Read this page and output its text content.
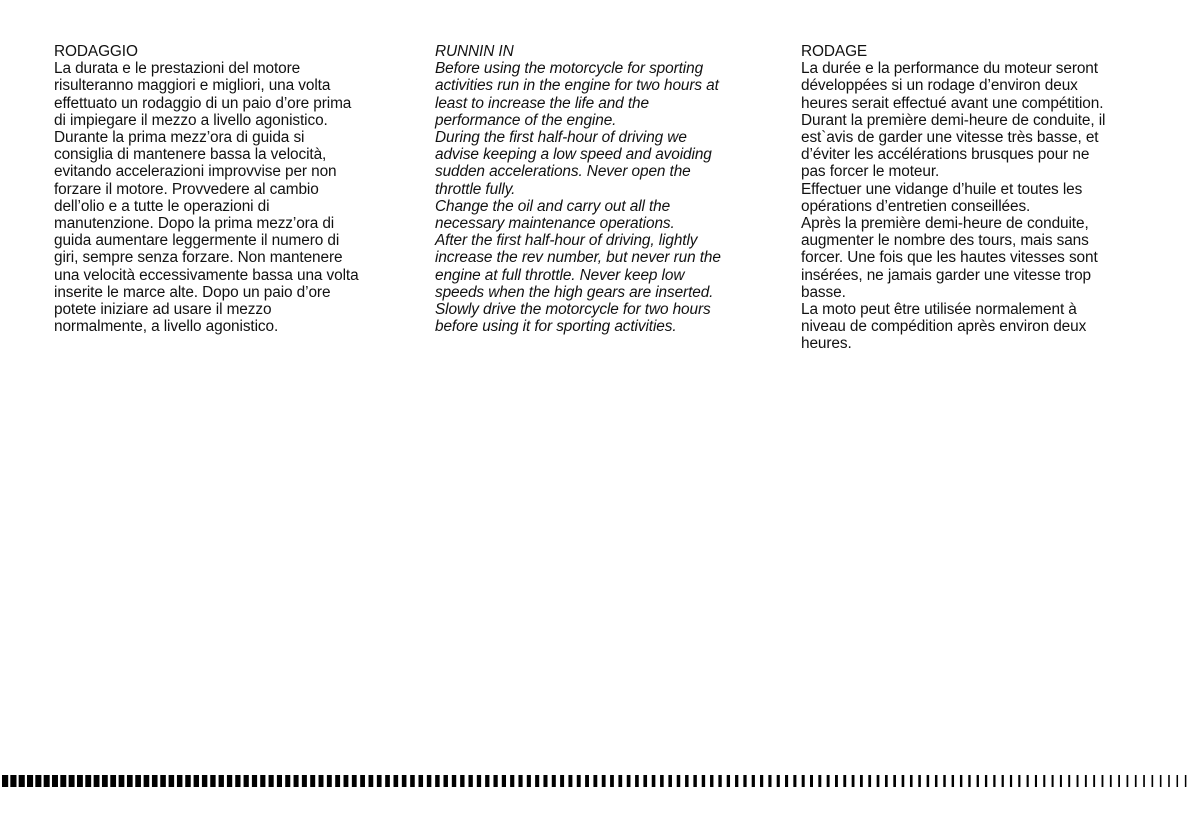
RODAGGIO

La durata e le prestazioni del motore

risulteranno maggiori e migliori, una volta

effettuato un rodaggio di un paio d’ore prima

di impiegare il mezzo a livello agonistico.

Durante la prima mezz’ora di guida si

consiglia di mantenere bassa la velocità,

evitando accelerazioni improvvise per non

forzare il motore. Provvedere al cambio

dell’olio e a tutte le operazioni di

manutenzione. Dopo la prima mezz’ora di

guida aumentare leggermente il numero di

giri, sempre senza forzare. Non mantenere

una velocità eccessivamente bassa una volta

inserite le marce alte. Dopo un paio d’ore

potete iniziare ad usare il mezzo

normalmente, a livello agonistico.

RUNNIN IN

Before using the motorcycle for sporting

activities run in the engine for two hours at

least to increase the life and the

performance of the engine.

During the first half-hour of driving we

advise keeping a low speed and avoiding

sudden accelerations. Never open the

throttle fully.

Change the oil and carry out all the

necessary maintenance operations.

After the first half-hour of driving, lightly

increase the rev number, but never run the

engine at full throttle. Never keep low

speeds when the high gears are inserted.

Slowly drive the motorcycle for two hours

before using it for sporting activities.

RODAGE

La durée e la performance du moteur seront

développées si un rodage d’environ deux

heures serait effectué avant une compétition.

Durant la première demi-heure de conduite, il

est`avis de garder une vitesse très basse, et

d’éviter les accélérations brusques pour ne

pas forcer le moteur.

Effectuer une vidange d’huile et toutes les

opérations d’entretien conseillées.

Après la première demi-heure de conduite,

augmenter le nombre des tours, mais sans

forcer. Une fois que les hautes vitesses sont

insérées, ne jamais garder une vitesse trop

basse.

La moto peut être utilisée normalement à

niveau de compédition après environ deux

heures.
